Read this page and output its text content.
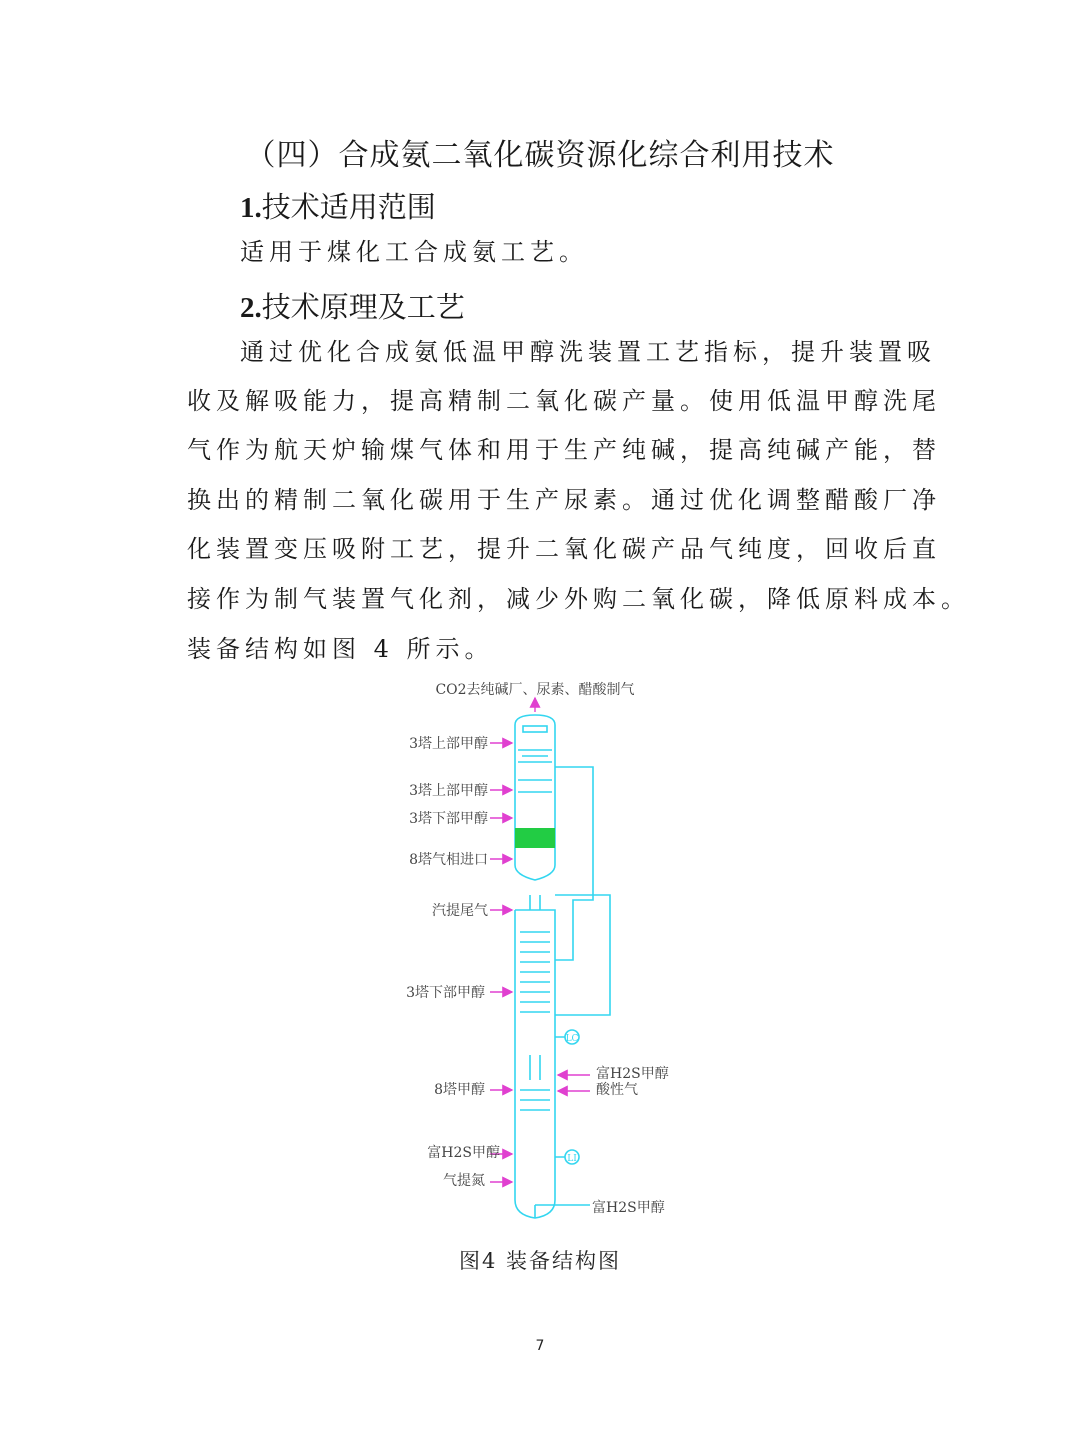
（四）合成氨二氧化碳资源化综合利用技术
1.技术适用范围
适用于煤化工合成氨工艺。
2.技术原理及工艺
通过优化合成氨低温甲醇洗装置工艺指标，提升装置吸
收及解吸能力，提高精制二氧化碳产量。使用低温甲醇洗尾
气作为航天炉输煤气体和用于生产纯碱，提高纯碱产能，替
换出的精制二氧化碳用于生产尿素。通过优化调整醋酸厂净
化装置变压吸附工艺，提升二氧化碳产品气纯度，回收后直
接作为制气装置气化剂，减少外购二氧化碳，降低原料成本。
装备结构如图 4 所示。
CO2去纯碱厂、尿素、醋酸制气
3塔上部甲醇
3塔上部甲醇
3塔下部甲醇
8塔气相进口
汽提尾气
3塔下部甲醇
8塔甲醇
富H2S甲醇
气提氮
富H2S甲醇
酸性气
富H2S甲醇
LC
LI
图4 装备结构图
7
